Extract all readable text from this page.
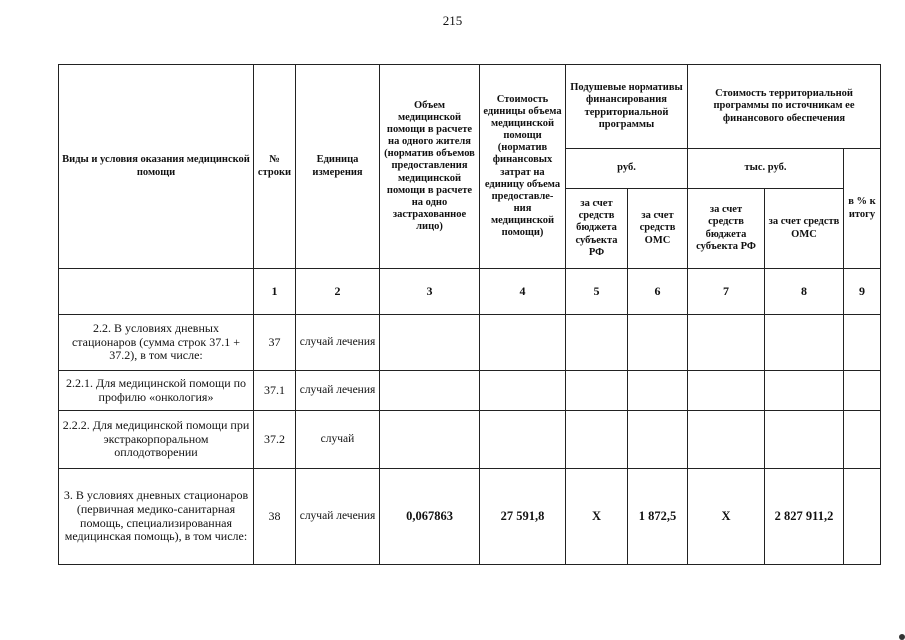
215
Виды и условия оказания медицинской помощи	№ строки	Единица измерения	Объем медицинской помощи в расчете на одного жителя (норматив объемов предоставления медицинской помощи в расчете на одно застрахованное лицо)	Стоимость единицы объема медицинской помощи (норматив финансовых затрат на единицу объема предоставле-ния медицинской помощи)	Подушевые нормативы финансирования территориальной программы		Стоимость территориальной программы по источникам ее финансового обеспечения		
					руб.		тыс. руб.		в % к итогу
					за счет средств бюджета субъекта РФ	за счет средств ОМС	за счет средств бюджета субъекта РФ	за счет средств ОМС	
	1	2	3	4	5	6	7	8	9
2.2. В условиях дневных стационаров (сумма строк 37.1 + 37.2), в том числе:	37	случай лечения							
2.2.1. Для медицинской помощи по профилю «онкология»	37.1	случай лечения							
2.2.2. Для медицинской помощи при экстракорпоральном оплодотворении	37.2	случай							
3. В условиях дневных стационаров (первичная медико-санитарная помощь, специализированная медицинская помощь), в том числе:	38	случай лечения	0,067863	27 591,8	Х	1 872,5	Х	2 827 911,2	
